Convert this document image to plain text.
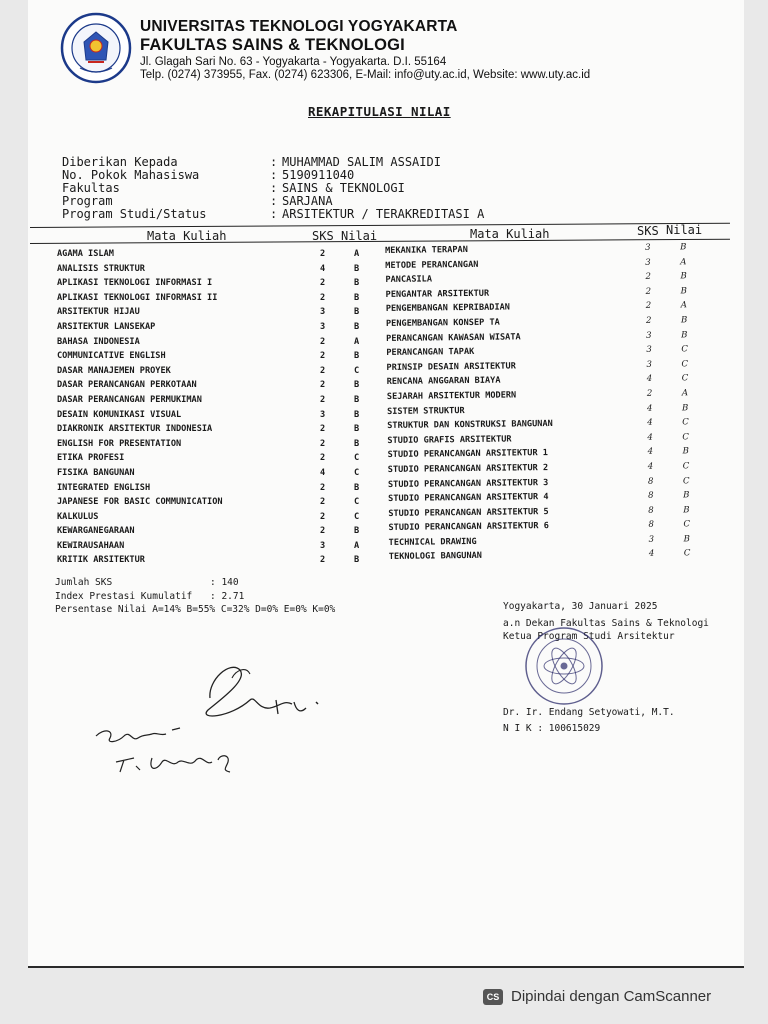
UNIVERSITAS TEKNOLOGI YOGYAKARTA
FAKULTAS SAINS & TEKNOLOGI
Jl. Glagah Sari No. 63 - Yogyakarta - Yogyakarta. D.I. 55164
Telp. (0274) 373955, Fax. (0274) 623306, E-Mail: info@uty.ac.id, Website: www.uty.ac.id
REKAPITULASI NILAI
Diberikan Kepada	: MUHAMMAD SALIM ASSAIDI
No. Pokok Mahasiswa	: 5190911040
Fakultas	: SAINS & TEKNOLOGI
Program	: SARJANA
Program Studi/Status	: ARSITEKTUR / TERAKREDITASI A
Mata Kuliah	SKS Nilai	Mata Kuliah	SKS Nilai
AGAMA ISLAM	2	A
ANALISIS STRUKTUR	4	B
APLIKASI TEKNOLOGI INFORMASI I	2	B
APLIKASI TEKNOLOGI INFORMASI II	2	B
ARSITEKTUR HIJAU	3	B
ARSITEKTUR LANSEKAP	3	B
BAHASA INDONESIA	2	A
COMMUNICATIVE ENGLISH	2	B
DASAR MANAJEMEN PROYEK	2	C
DASAR PERANCANGAN PERKOTAAN	2	B
DASAR PERANCANGAN PERMUKIMAN	2	B
DESAIN KOMUNIKASI VISUAL	3	B
DIAKRONIK ARSITEKTUR INDONESIA	2	B
ENGLISH FOR PRESENTATION	2	B
ETIKA PROFESI	2	C
FISIKA BANGUNAN	4	C
INTEGRATED ENGLISH	2	B
JAPANESE FOR BASIC COMMUNICATION	2	C
KALKULUS	2	C
KEWARGANEGARAAN	2	B
KEWIRAUSAHAAN	3	A
KRITIK ARSITEKTUR	2	B
MEKANIKA TERAPAN	3	B
METODE PERANCANGAN	3	A
PANCASILA	2	B
PENGANTAR ARSITEKTUR	2	B
PENGEMBANGAN KEPRIBADIAN	2	A
PENGEMBANGAN KONSEP TA	2	B
PERANCANGAN KAWASAN WISATA	3	B
PERANCANGAN TAPAK	3	C
PRINSIP DESAIN ARSITEKTUR	3	C
RENCANA ANGGARAN BIAYA	4	C
SEJARAH ARSITEKTUR MODERN	2	A
SISTEM STRUKTUR	4	B
STRUKTUR DAN KONSTRUKSI BANGUNAN	4	C
STUDIO GRAFIS ARSITEKTUR	4	C
STUDIO PERANCANGAN ARSITEKTUR 1	4	B
STUDIO PERANCANGAN ARSITEKTUR 2	4	C
STUDIO PERANCANGAN ARSITEKTUR 3	8	C
STUDIO PERANCANGAN ARSITEKTUR 4	8	B
STUDIO PERANCANGAN ARSITEKTUR 5	8	B
STUDIO PERANCANGAN ARSITEKTUR 6	8	C
TECHNICAL DRAWING	3	B
TEKNOLOGI BANGUNAN	4	C
Jumlah SKS	: 140
Index Prestasi Kumulatif	: 2.71
Persentase Nilai A=14% B=55% C=32% D=0% E=0% K=0%	Yogyakarta, 30 Januari 2025
a.n Dekan Fakultas Sains & Teknologi
Ketua Program Studi Arsitektur
Dr. Ir. Endang Setyowati, M.T.
N I K : 100615029
CS Dipindai dengan CamScanner
